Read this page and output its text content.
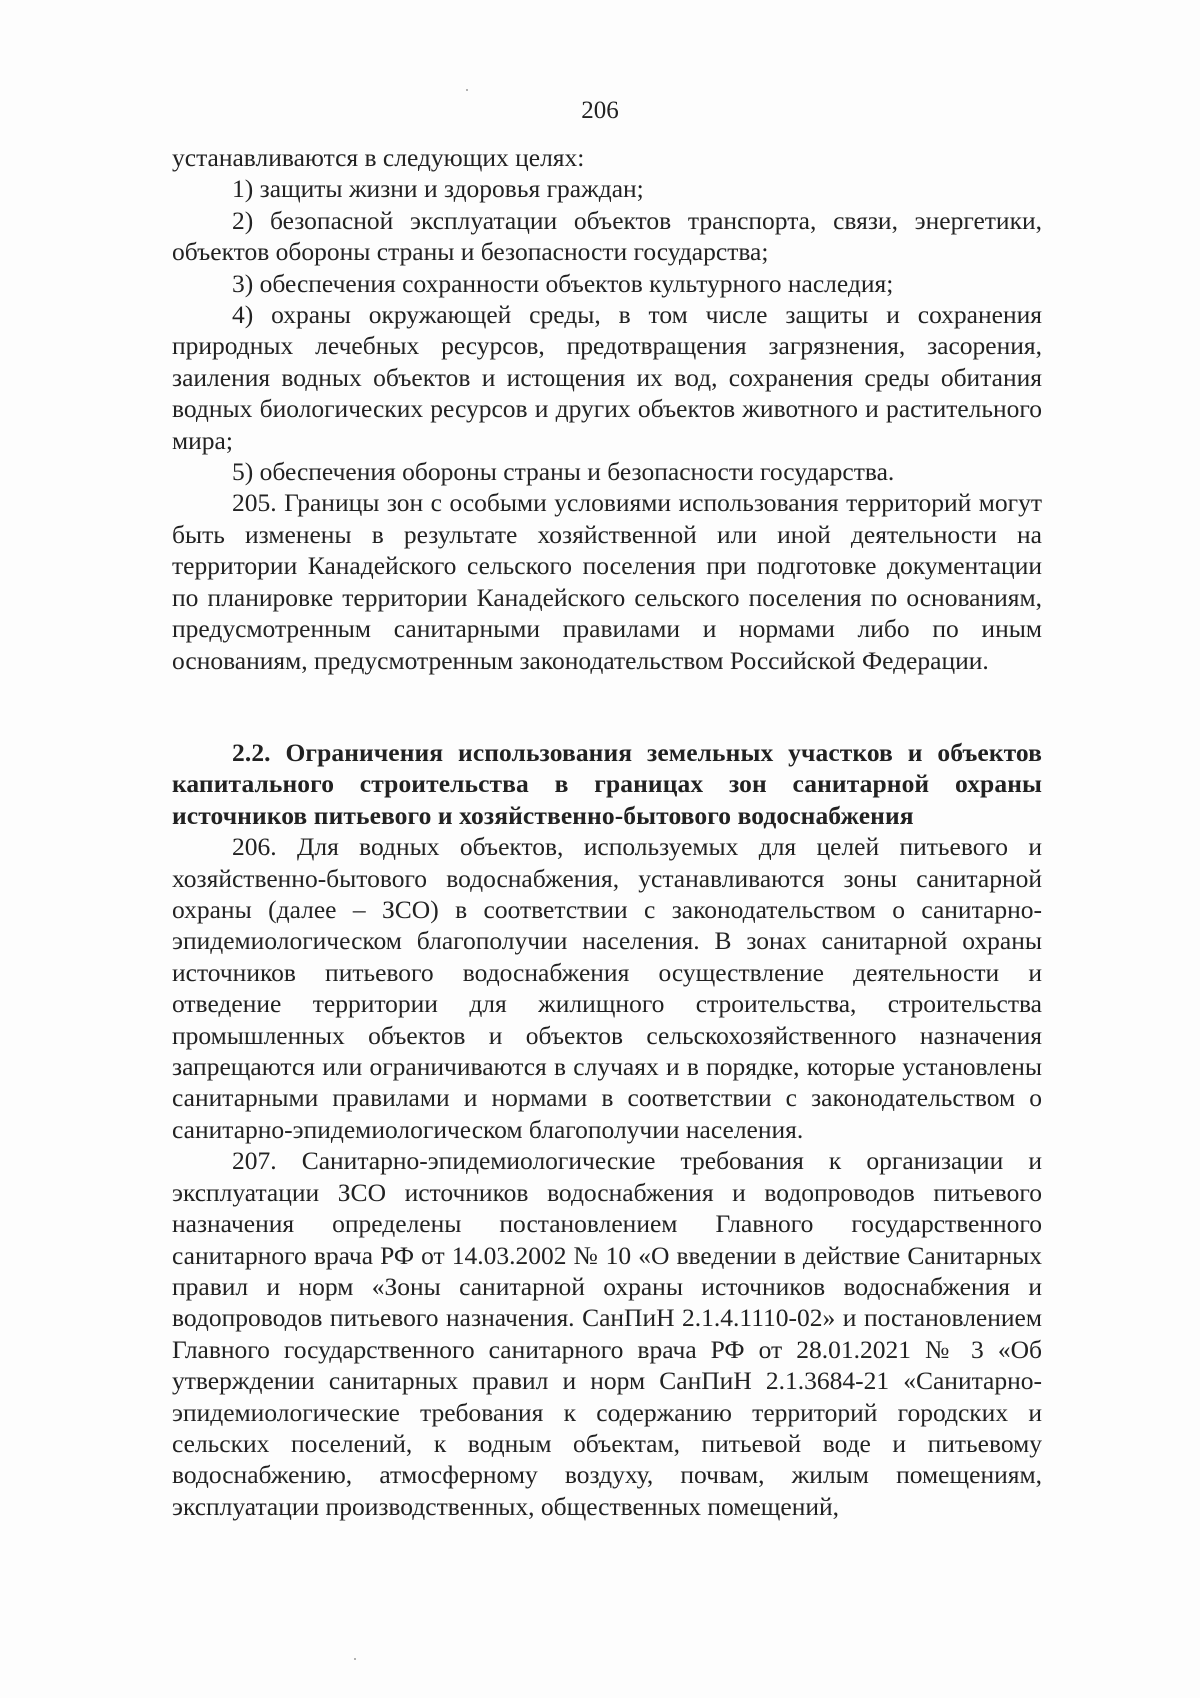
206

устанавливаются в следующих целях:

1) защиты жизни и здоровья граждан;

2) безопасной эксплуатации объектов транспорта, связи, энергетики, объектов обороны страны и безопасности государства;

3) обеспечения сохранности объектов культурного наследия;

4) охраны окружающей среды, в том числе защиты и сохранения природных лечебных ресурсов, предотвращения загрязнения, засорения, заиления водных объектов и истощения их вод, сохранения среды обитания водных биологических ресурсов и других объектов животного и растительного мира;

5) обеспечения обороны страны и безопасности государства.

205. Границы зон с особыми условиями использования территорий могут быть изменены в результате хозяйственной или иной деятельности на территории Канадейского сельского поселения при подготовке документации по планировке территории Канадейского сельского поселения по основаниям, предусмотренным санитарными правилами и нормами либо по иным основаниям, предусмотренным законодательством Российской Федерации.

2.2. Ограничения использования земельных участков и объектов капитального строительства в границах зон санитарной охраны источников питьевого и хозяйственно-бытового водоснабжения

206. Для водных объектов, используемых для целей питьевого и хозяйственно-бытового водоснабжения, устанавливаются зоны санитарной охраны (далее – ЗСО) в соответствии с законодательством о санитарно-эпидемиологическом благополучии населения. В зонах санитарной охраны источников питьевого водоснабжения осуществление деятельности и отведение территории для жилищного строительства, строительства промышленных объектов и объектов сельскохозяйственного назначения запрещаются или ограничиваются в случаях и в порядке, которые установлены санитарными правилами и нормами в соответствии с законодательством о санитарно-эпидемиологическом благополучии населения.

207. Санитарно-эпидемиологические требования к организации и эксплуатации ЗСО источников водоснабжения и водопроводов питьевого назначения определены постановлением Главного государственного санитарного врача РФ от 14.03.2002 № 10 «О введении в действие Санитарных правил и норм «Зоны санитарной охраны источников водоснабжения и водопроводов питьевого назначения. СанПиН 2.1.4.1110-02» и постановлением Главного государственного санитарного врача РФ от 28.01.2021 № 3 «Об утверждении санитарных правил и норм СанПиН 2.1.3684-21 «Санитарно-эпидемиологические требования к содержанию территорий городских и сельских поселений, к водным объектам, питьевой воде и питьевому водоснабжению, атмосферному воздуху, почвам, жилым помещениям, эксплуатации производственных, общественных помещений,
